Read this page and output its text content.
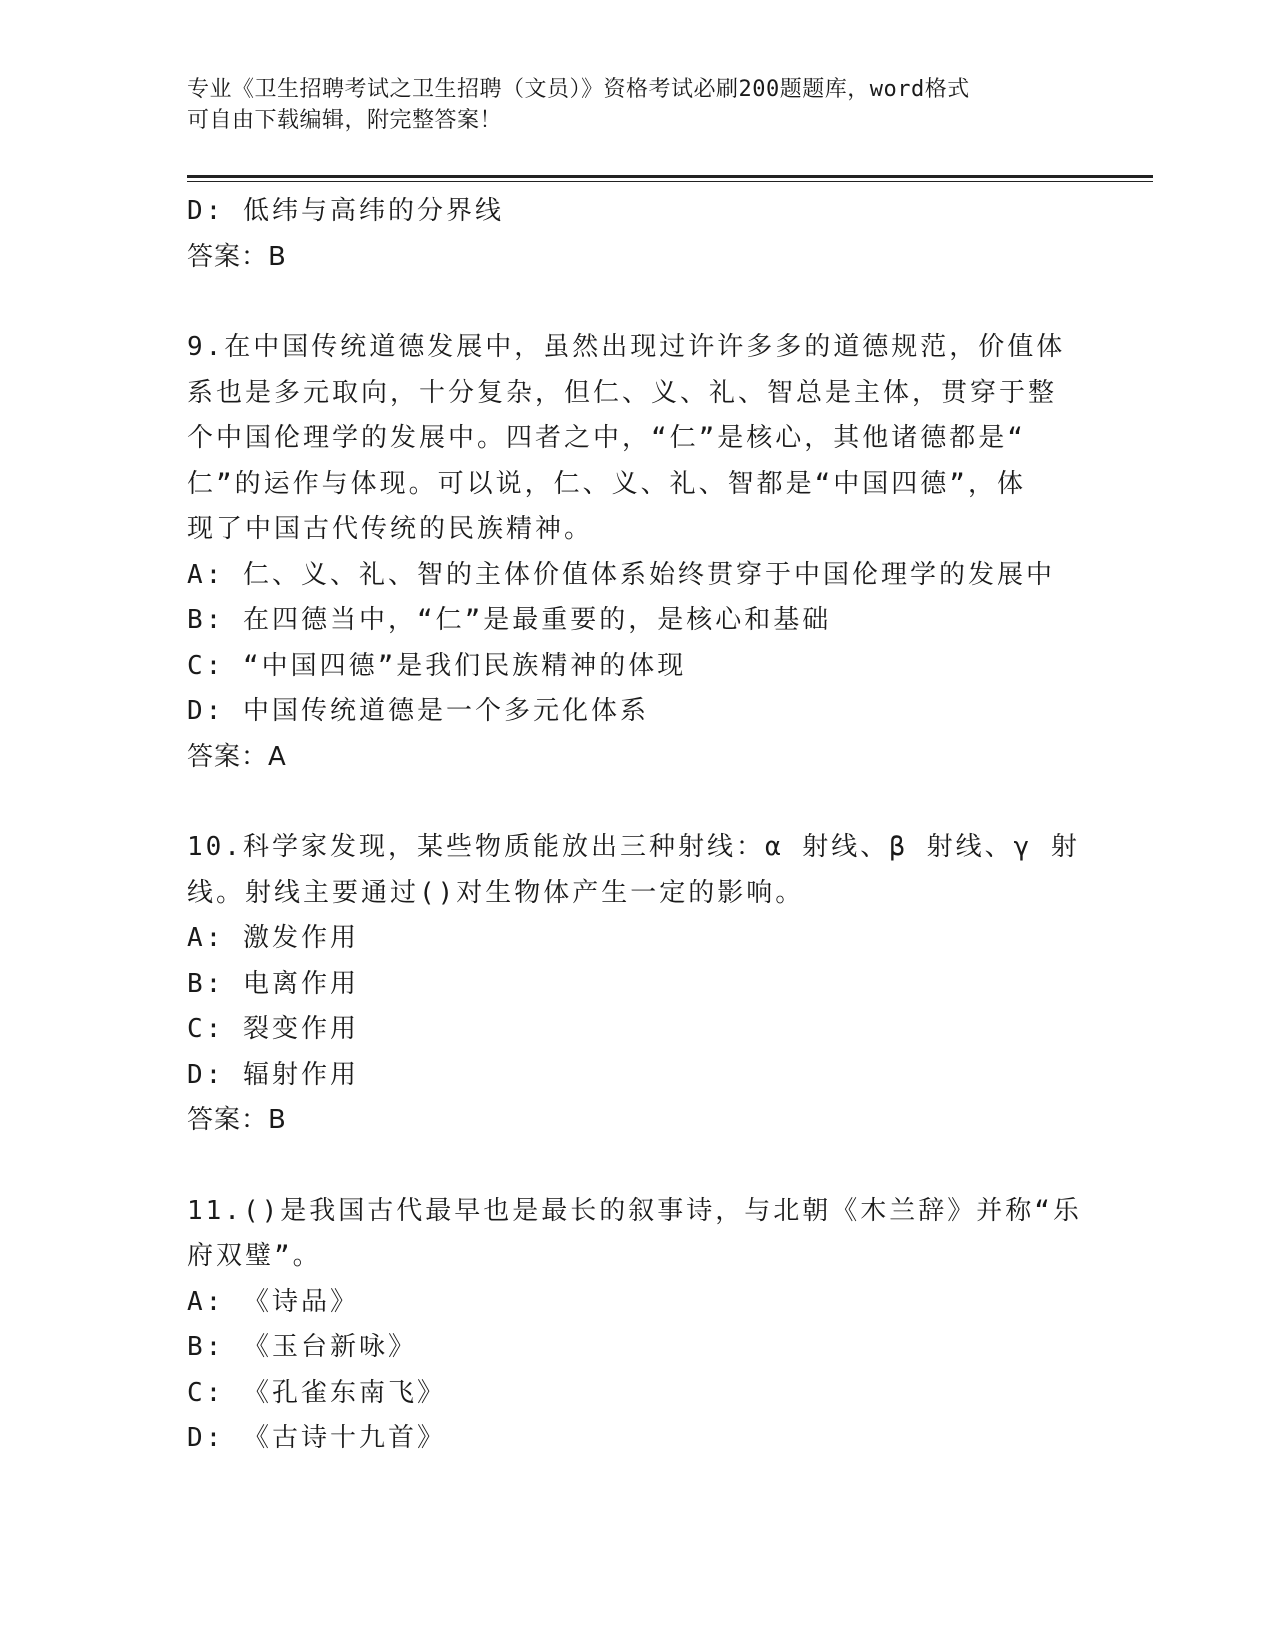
专业《卫生招聘考试之卫生招聘（文员）》资格考试必刷200题题库，word格式
可自由下载编辑，附完整答案！
D: 低纬与高纬的分界线
答案：B
9.在中国传统道德发展中，虽然出现过许许多多的道德规范，价值体
系也是多元取向，十分复杂，但仁、义、礼、智总是主体，贯穿于整
个中国伦理学的发展中。四者之中，“仁”是核心，其他诸德都是“
仁”的运作与体现。可以说，仁、义、礼、智都是“中国四德”，体
现了中国古代传统的民族精神。
A: 仁、义、礼、智的主体价值体系始终贯穿于中国伦理学的发展中
B: 在四德当中，“仁”是最重要的，是核心和基础
C: “中国四德”是我们民族精神的体现
D: 中国传统道德是一个多元化体系
答案：A
10.科学家发现，某些物质能放出三种射线：α 射线、β 射线、γ 射
线。射线主要通过()对生物体产生一定的影响。
A: 激发作用
B: 电离作用
C: 裂变作用
D: 辐射作用
答案：B
11.()是我国古代最早也是最长的叙事诗，与北朝《木兰辞》并称“乐
府双璧”。
A: 《诗品》
B: 《玉台新咏》
C: 《孔雀东南飞》
D: 《古诗十九首》
